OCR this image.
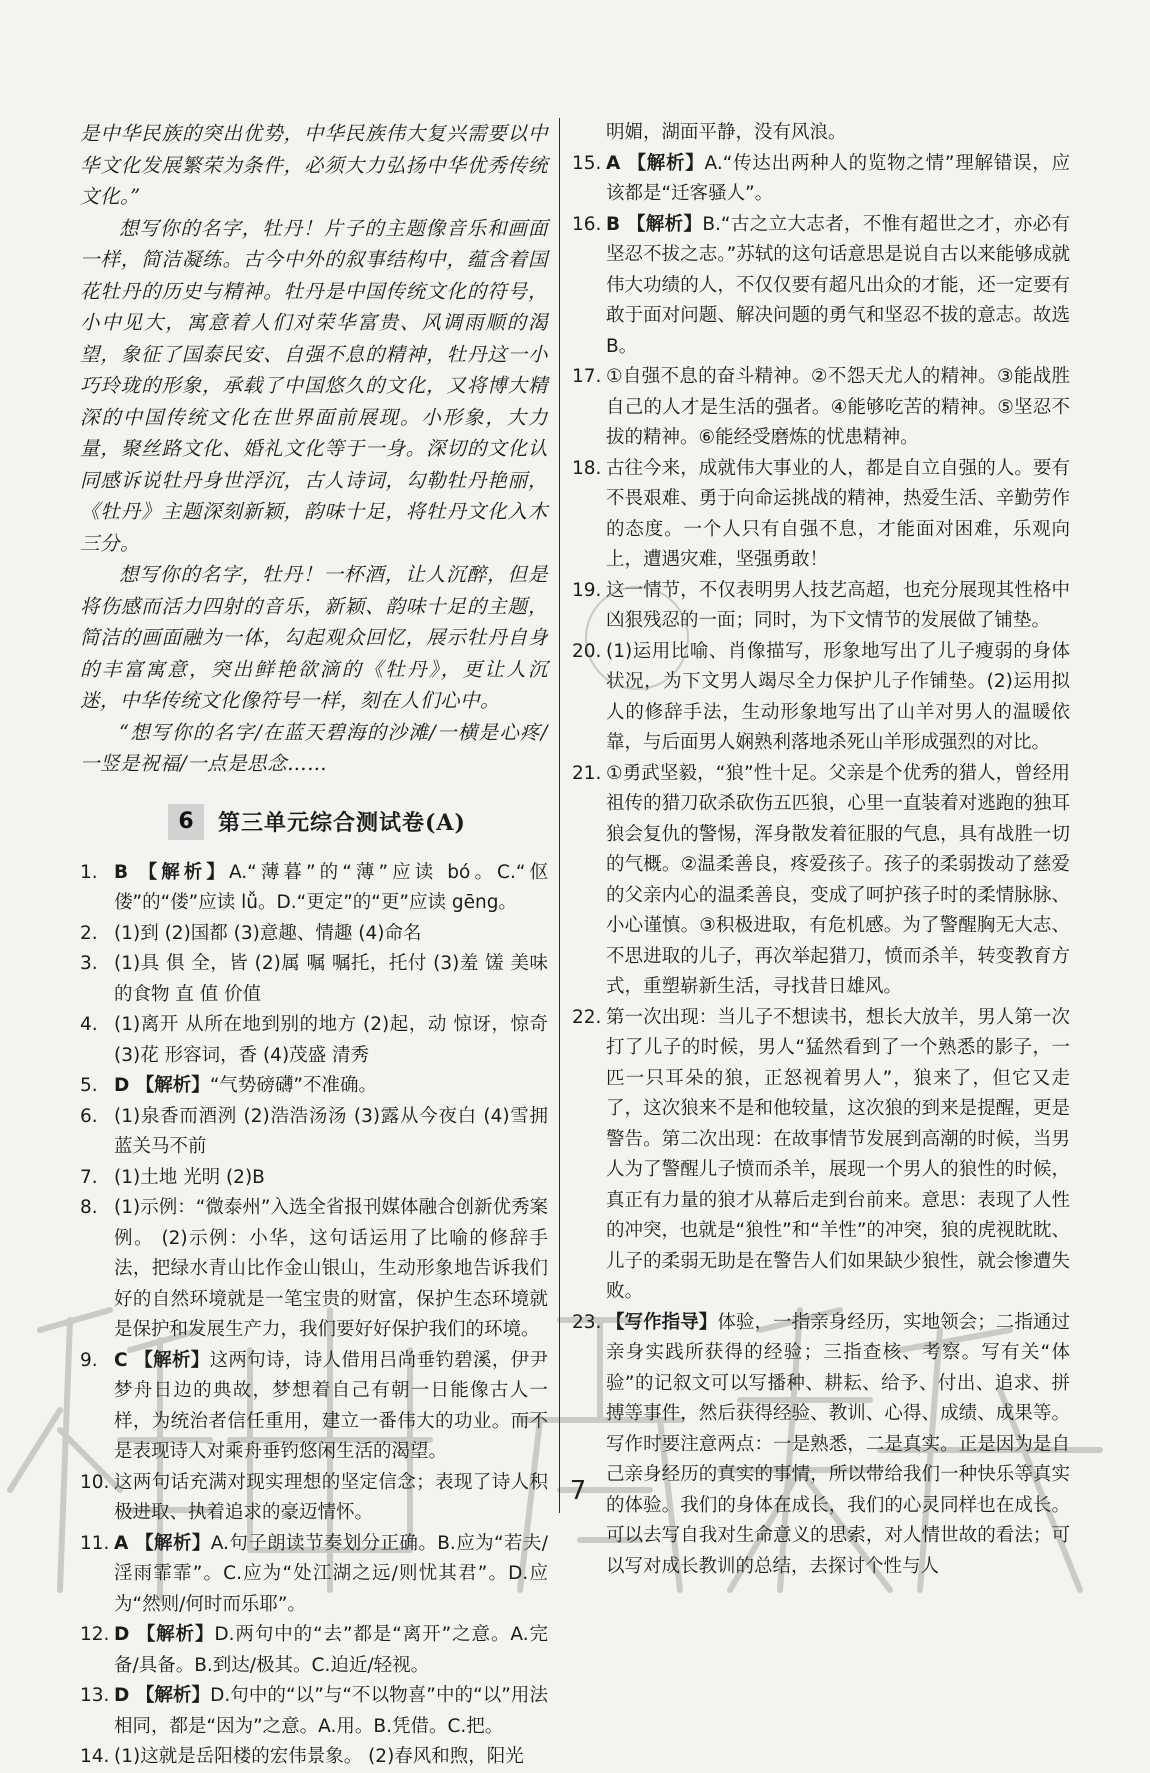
是中华民族的突出优势，中华民族伟大复兴需要以中华文化发展繁荣为条件，必须大力弘扬中华优秀传统文化。”

想写你的名字，牡丹！片子的主题像音乐和画面一样，简洁凝练。古今中外的叙事结构中，蕴含着国花牡丹的历史与精神。牡丹是中国传统文化的符号，小中见大，寓意着人们对荣华富贵、风调雨顺的渴望，象征了国泰民安、自强不息的精神，牡丹这一小巧玲珑的形象，承载了中国悠久的文化，又将博大精深的中国传统文化在世界面前展现。小形象，大力量，聚丝路文化、婚礼文化等于一身。深切的文化认同感诉说牡丹身世浮沉，古人诗词，勾勒牡丹艳丽，《牡丹》主题深刻新颖，韵味十足，将牡丹文化入木三分。

想写你的名字，牡丹！一杯酒，让人沉醉，但是将伤感而活力四射的音乐，新颖、韵味十足的主题，简洁的画面融为一体，勾起观众回忆，展示牡丹自身的丰富寓意，突出鲜艳欲滴的《牡丹》，更让人沉迷，中华传统文化像符号一样，刻在人们心中。

“想写你的名字/在蓝天碧海的沙滩/一横是心疼/一竖是祝福/一点是思念……

6	第三单元综合测试卷(A)
1. B 【解析】A.“薄暮”的“薄”应读 bó。C.“伛偻”的“偻”应读 lǚ。D.“更定”的“更”应读 gēng。
2. (1)到 (2)国都 (3)意趣、情趣 (4)命名
3. (1)具 俱 全，皆 (2)属 嘱 嘱托，托付 (3)羞 馐 美味的食物 直 值 价值
4. (1)离开 从所在地到别的地方 (2)起，动 惊讶，惊奇 (3)花 形容词，香 (4)茂盛 清秀
5. D 【解析】“气势磅礴”不准确。
6. (1)泉香而酒洌 (2)浩浩汤汤 (3)露从今夜白 (4)雪拥蓝关马不前
7. (1)土地 光明 (2)B
8. (1)示例：“微泰州”入选全省报刊媒体融合创新优秀案例。 (2)示例：小华，这句话运用了比喻的修辞手法，把绿水青山比作金山银山，生动形象地告诉我们好的自然环境就是一笔宝贵的财富，保护生态环境就是保护和发展生产力，我们要好好保护我们的环境。
9. C 【解析】这两句诗，诗人借用吕尚垂钓碧溪，伊尹梦舟日边的典故，梦想着自己有朝一日能像古人一样，为统治者信任重用，建立一番伟大的功业。而不是表现诗人对乘舟垂钓悠闲生活的渴望。
10. 这两句话充满对现实理想的坚定信念；表现了诗人积极进取、执着追求的豪迈情怀。
11. A 【解析】A.句子朗读节奏划分正确。B.应为“若夫/淫雨霏霏”。C.应为“处江湖之远/则忧其君”。D.应为“然则/何时而乐耶”。
12. D 【解析】D.两句中的“去”都是“离开”之意。A.完备/具备。B.到达/极其。C.迫近/轻视。
13. D 【解析】D.句中的“以”与“不以物喜”中的“以”用法相同，都是“因为”之意。A.用。B.凭借。C.把。
14. (1)这就是岳阳楼的宏伟景象。 (2)春风和煦，阳光
明媚，湖面平静，没有风浪。
15. A 【解析】A.“传达出两种人的览物之情”理解错误，应该都是“迁客骚人”。
16. B 【解析】B.“古之立大志者，不惟有超世之才，亦必有坚忍不拔之志。”苏轼的这句话意思是说自古以来能够成就伟大功绩的人，不仅仅要有超凡出众的才能，还一定要有敢于面对问题、解决问题的勇气和坚忍不拔的意志。故选 B。
17. ①自强不息的奋斗精神。②不怨天尤人的精神。③能战胜自己的人才是生活的强者。④能够吃苦的精神。⑤坚忍不拔的精神。⑥能经受磨炼的忧患精神。
18. 古往今来，成就伟大事业的人，都是自立自强的人。要有不畏艰难、勇于向命运挑战的精神，热爱生活、辛勤劳作的态度。一个人只有自强不息，才能面对困难，乐观向上，遭遇灾难，坚强勇敢！
19. 这一情节，不仅表明男人技艺高超，也充分展现其性格中凶狠残忍的一面；同时，为下文情节的发展做了铺垫。
20. (1)运用比喻、肖像描写，形象地写出了儿子瘦弱的身体状况，为下文男人竭尽全力保护儿子作铺垫。(2)运用拟人的修辞手法，生动形象地写出了山羊对男人的温暖依靠，与后面男人娴熟利落地杀死山羊形成强烈的对比。
21. ①勇武坚毅，“狼”性十足。父亲是个优秀的猎人，曾经用祖传的猎刀砍杀砍伤五匹狼，心里一直装着对逃跑的独耳狼会复仇的警惕，浑身散发着征服的气息，具有战胜一切的气概。②温柔善良，疼爱孩子。孩子的柔弱拨动了慈爱的父亲内心的温柔善良，变成了呵护孩子时的柔情脉脉、小心谨慎。③积极进取，有危机感。为了警醒胸无大志、不思进取的儿子，再次举起猎刀，愤而杀羊，转变教育方式，重塑崭新生活，寻找昔日雄风。
22. 第一次出现：当儿子不想读书，想长大放羊，男人第一次打了儿子的时候，男人“猛然看到了一个熟悉的影子，一匹一只耳朵的狼，正怒视着男人”，狼来了，但它又走了，这次狼来不是和他较量，这次狼的到来是提醒，更是警告。第二次出现：在故事情节发展到高潮的时候，当男人为了警醒儿子愤而杀羊，展现一个男人的狼性的时候，真正有力量的狼才从幕后走到台前来。意思：表现了人性的冲突，也就是“狼性”和“羊性”的冲突，狼的虎视眈眈、儿子的柔弱无助是在警告人们如果缺少狼性，就会惨遭失败。
23. 【写作指导】体验，一指亲身经历，实地领会；二指通过亲身实践所获得的经验；三指查核、考察。写有关“体验”的记叙文可以写播种、耕耘、给予、付出、追求、拼搏等事件，然后获得经验、教训、心得、成绩、成果等。写作时要注意两点：一是熟悉，二是真实。正是因为是自己亲身经历的真实的事情，所以带给我们一种快乐等真实的体验。我们的身体在成长，我们的心灵同样也在成长。可以去写自我对生命意义的思索，对人情世故的看法；可以写对成长教训的总结，去探讨个性与人
7
